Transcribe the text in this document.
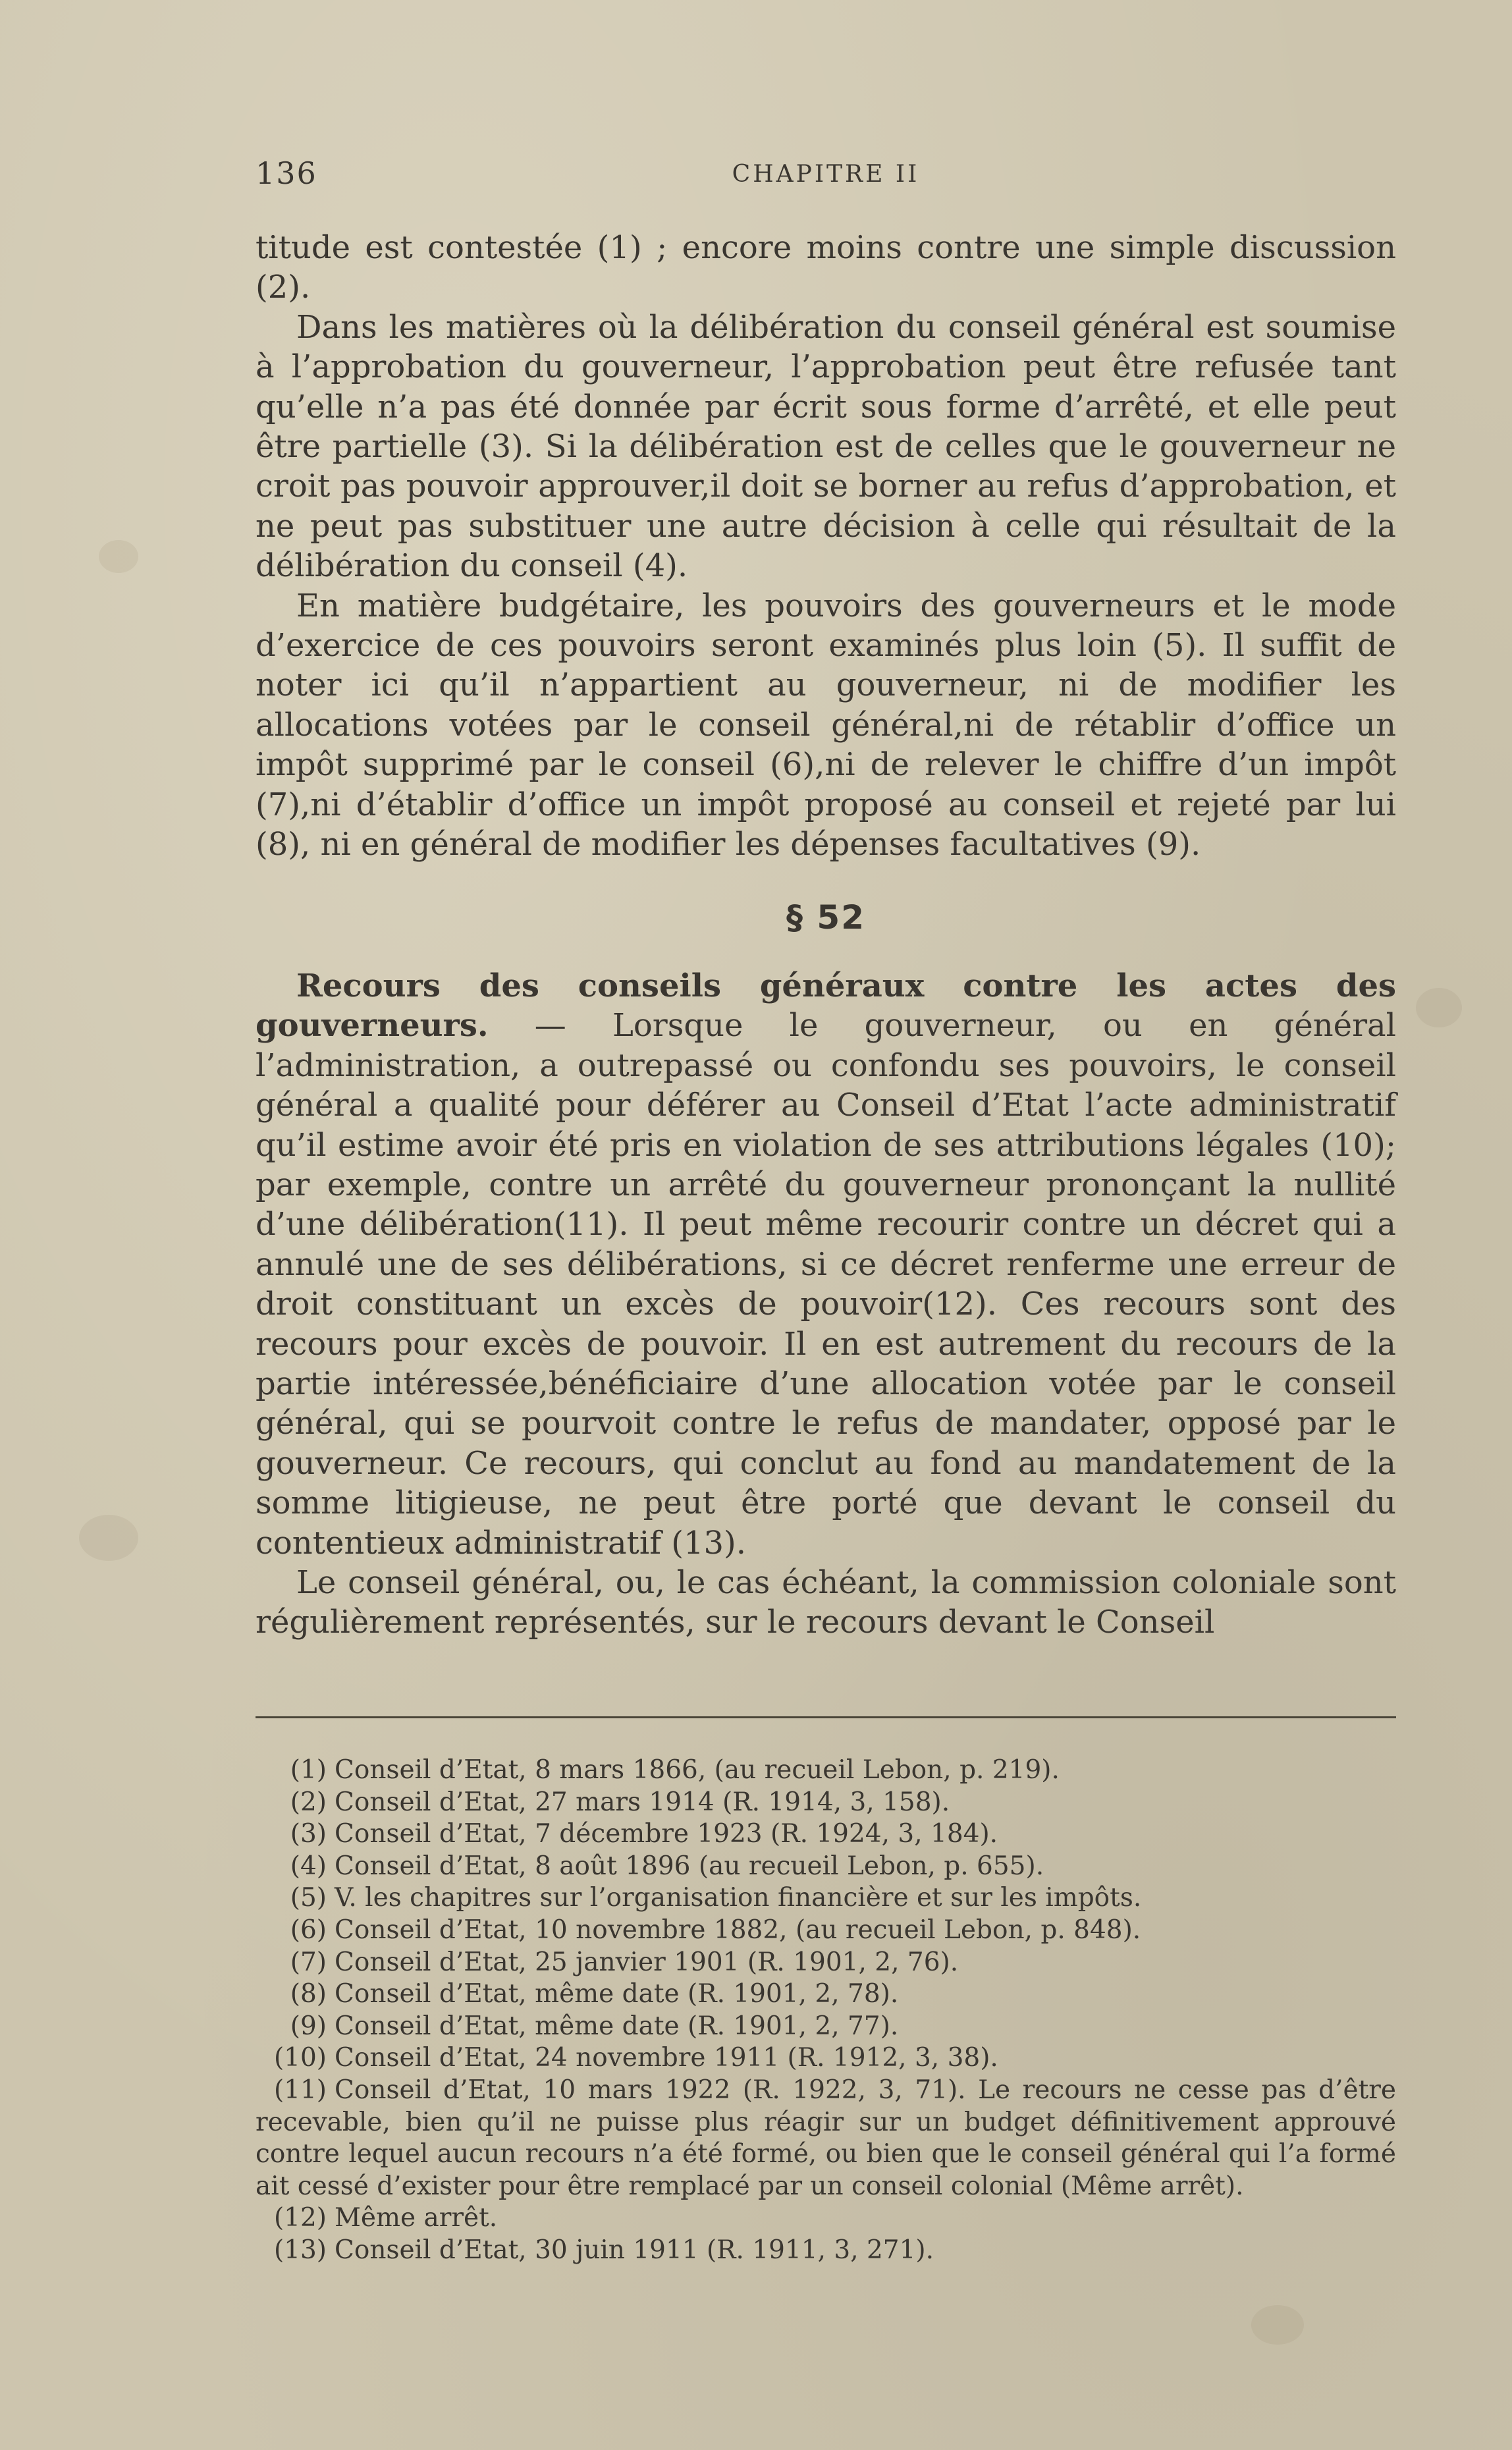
136	CHAPITRE II

titude est contestée (1) ; encore moins contre une simple discussion (2).

Dans les matières où la délibération du conseil général est soumise à l’approbation du gouverneur, l’approbation peut être refusée tant qu’elle n’a pas été donnée par écrit sous forme d’arrêté, et elle peut être partielle (3). Si la délibération est de celles que le gouverneur ne croit pas pouvoir approuver,il doit se borner au refus d’approbation, et ne peut pas substituer une autre décision à celle qui résultait de la délibération du conseil (4).

En matière budgétaire, les pouvoirs des gouverneurs et le mode d’exercice de ces pouvoirs seront examinés plus loin (5). Il suffit de noter ici qu’il n’appartient au gouverneur, ni de modifier les allocations votées par le conseil général,ni de rétablir d’office un impôt supprimé par le conseil (6),ni de relever le chiffre d’un impôt (7),ni d’établir d’office un impôt proposé au conseil et rejeté par lui (8), ni en général de modifier les dépenses facultatives (9).

§ 52

Recours des conseils généraux contre les actes des gouverneurs. — Lorsque le gouverneur, ou en général l’administration, a outrepassé ou confondu ses pouvoirs, le conseil général a qualité pour déférer au Conseil d’Etat l’acte administratif qu’il estime avoir été pris en violation de ses attributions légales (10); par exemple, contre un arrêté du gouverneur prononçant la nullité d’une délibération(11). Il peut même recourir contre un décret qui a annulé une de ses délibérations, si ce décret renferme une erreur de droit constituant un excès de pouvoir(12). Ces recours sont des recours pour excès de pouvoir. Il en est autrement du recours de la partie intéressée,bénéficiaire d’une allocation votée par le conseil général, qui se pourvoit contre le refus de mandater, opposé par le gouverneur. Ce recours, qui conclut au fond au mandatement de la somme litigieuse, ne peut être porté que devant le conseil du contentieux administratif (13).

Le conseil général, ou, le cas échéant, la commission coloniale sont régulièrement représentés, sur le recours devant le Conseil

(1) Conseil d’Etat, 8 mars 1866, (au recueil Lebon, p. 219).
(2) Conseil d’Etat, 27 mars 1914 (R. 1914, 3, 158).
(3) Conseil d’Etat, 7 décembre 1923 (R. 1924, 3, 184).
(4) Conseil d’Etat, 8 août 1896 (au recueil Lebon, p. 655).
(5) V. les chapitres sur l’organisation financière et sur les impôts.
(6) Conseil d’Etat, 10 novembre 1882, (au recueil Lebon, p. 848).
(7) Conseil d’Etat, 25 janvier 1901 (R. 1901, 2, 76).
(8) Conseil d’Etat, même date (R. 1901, 2, 78).
(9) Conseil d’Etat, même date (R. 1901, 2, 77).
(10) Conseil d’Etat, 24 novembre 1911 (R. 1912, 3, 38).

(11) Conseil d’Etat, 10 mars 1922 (R. 1922, 3, 71). Le recours ne cesse pas d’être recevable, bien qu’il ne puisse plus réagir sur un budget définitivement approuvé contre lequel aucun recours n’a été formé, ou bien que le conseil général qui l’a formé ait cessé d’exister pour être remplacé par un conseil colonial (Même arrêt).

(12) Même arrêt.
(13) Conseil d’Etat, 30 juin 1911 (R. 1911, 3, 271).
